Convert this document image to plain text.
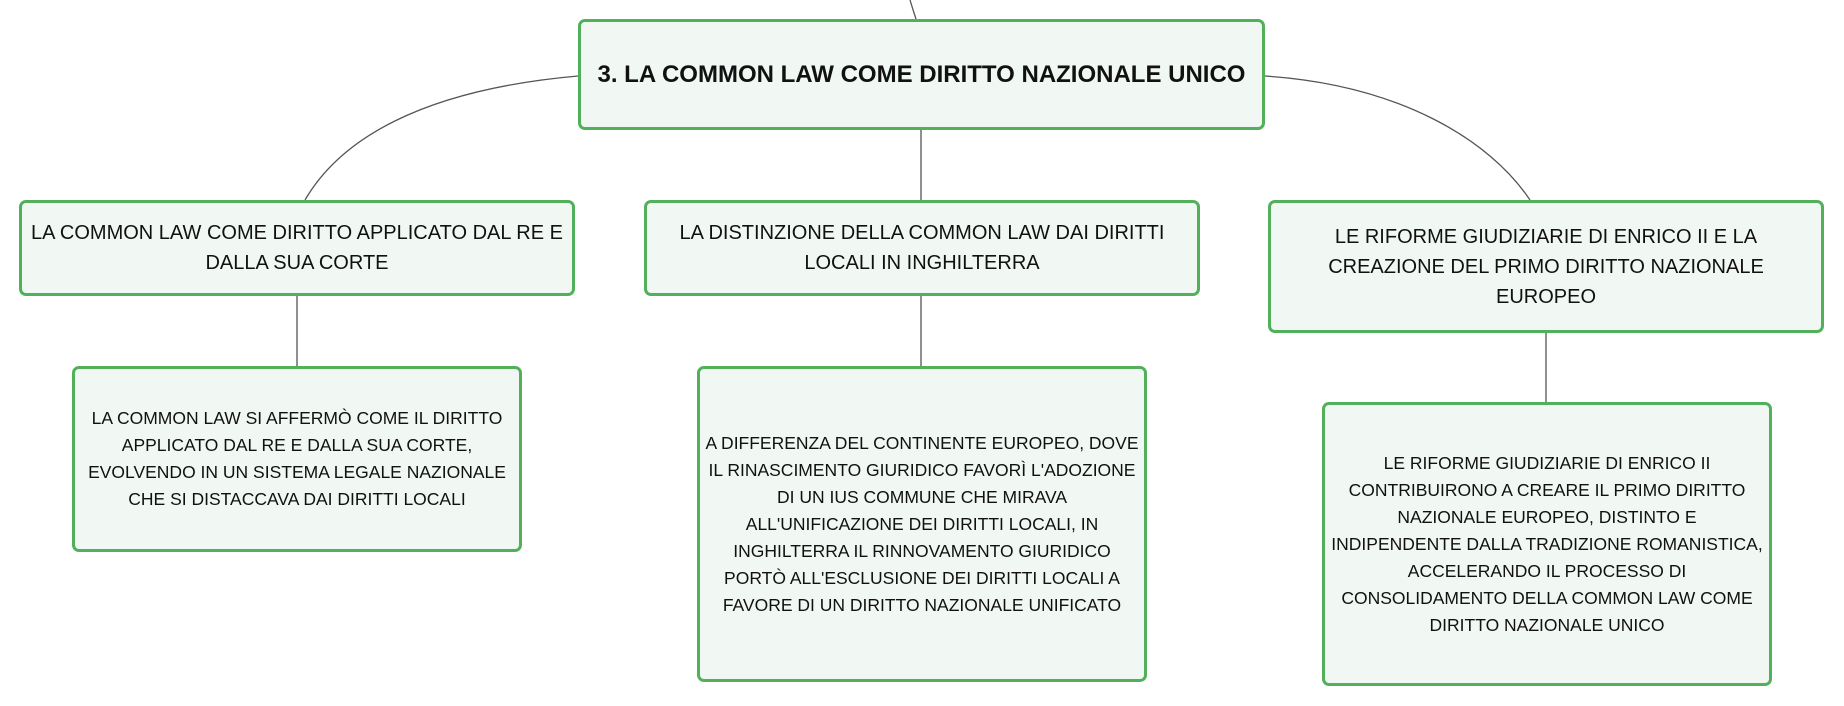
3. LA COMMON LAW COME DIRITTO NAZIONALE UNICO
LA COMMON LAW COME DIRITTO APPLICATO DAL RE E DALLA SUA CORTE
LA DISTINZIONE DELLA COMMON LAW DAI DIRITTI LOCALI IN INGHILTERRA
LE RIFORME GIUDIZIARIE DI ENRICO II E LA CREAZIONE DEL PRIMO DIRITTO NAZIONALE EUROPEO
LA COMMON LAW SI AFFERMÒ COME IL DIRITTO APPLICATO DAL RE E DALLA SUA CORTE, EVOLVENDO IN UN SISTEMA LEGALE NAZIONALE CHE SI DISTACCAVA DAI DIRITTI LOCALI
A DIFFERENZA DEL CONTINENTE EUROPEO, DOVE IL RINASCIMENTO GIURIDICO FAVORÌ L'ADOZIONE DI UN IUS COMMUNE CHE MIRAVA ALL'UNIFICAZIONE DEI DIRITTI LOCALI, IN INGHILTERRA IL RINNOVAMENTO GIURIDICO PORTÒ ALL'ESCLUSIONE DEI DIRITTI LOCALI A FAVORE DI UN DIRITTO NAZIONALE UNIFICATO
LE RIFORME GIUDIZIARIE DI ENRICO II CONTRIBUIRONO A CREARE IL PRIMO DIRITTO NAZIONALE EUROPEO, DISTINTO E INDIPENDENTE DALLA TRADIZIONE ROMANISTICA, ACCELERANDO IL PROCESSO DI CONSOLIDAMENTO DELLA COMMON LAW COME DIRITTO NAZIONALE UNICO
